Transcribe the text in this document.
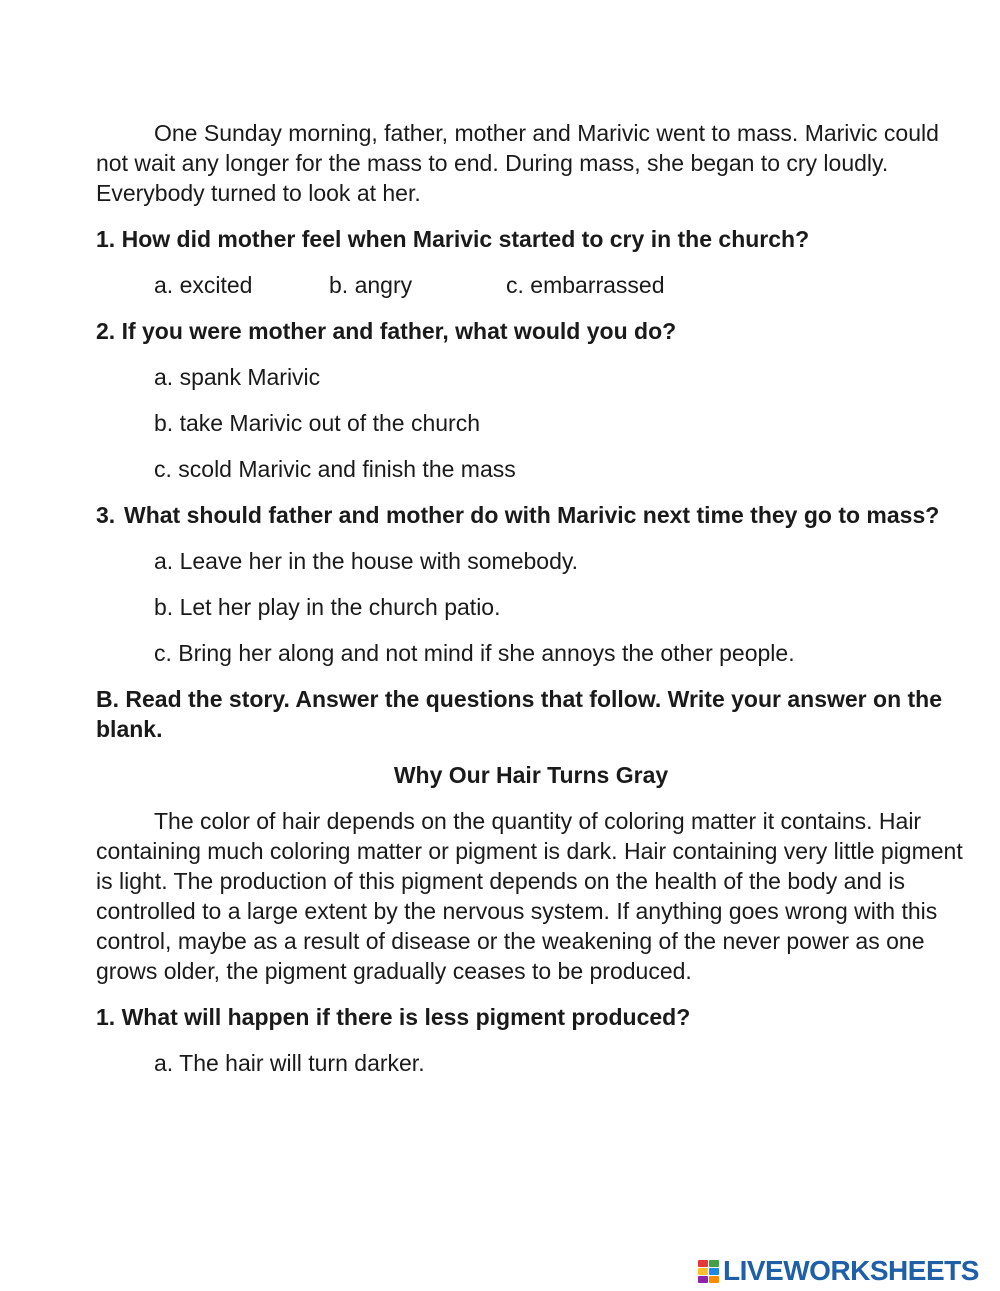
One Sunday morning, father, mother and Marivic went to mass. Marivic could not wait any longer for the mass to end. During mass, she began to cry loudly. Everybody turned to look at her.

1. How did mother feel when Marivic started to cry in the church?
a. excited	b. angry	c. embarrassed
2. If you were mother and father, what would you do?
a. spank Marivic
b. take Marivic out of the church
c. scold Marivic and finish the mass
3. What should father and mother do with Marivic next time they go to mass?
a. Leave her in the house with somebody.
b. Let her play in the church patio.
c. Bring her along and not mind if she annoys the other people.
B. Read the story. Answer the questions that follow. Write your answer on the blank.
Why Our Hair Turns Gray

The color of hair depends on the quantity of coloring matter it contains. Hair containing much coloring matter or pigment is dark. Hair containing very little pigment is light. The production of this pigment depends on the health of the body and is controlled to a large extent by the nervous system. If anything goes wrong with this control, maybe as a result of disease or the weakening of the never power as one grows older, the pigment gradually ceases to be produced.

1. What will happen if there is less pigment produced?
a. The hair will turn darker.
LIVEWORKSHEETS
